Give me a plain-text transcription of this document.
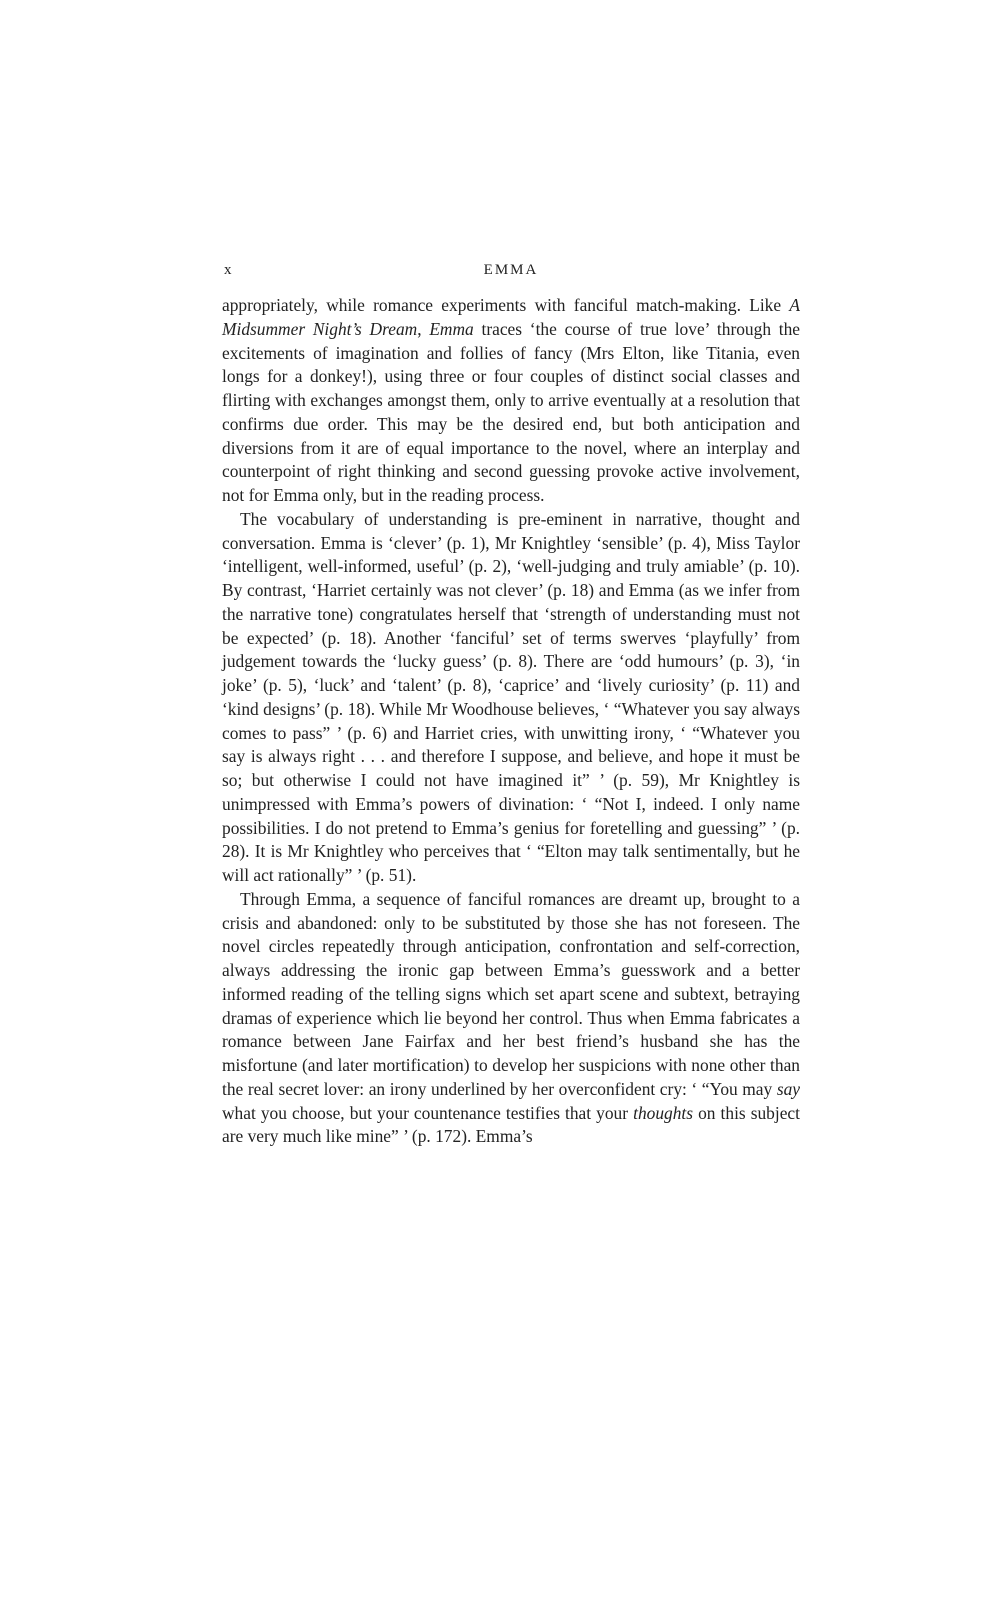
x	EMMA

appropriately, while romance experiments with fanciful match-making. Like A Midsummer Night’s Dream, Emma traces ‘the course of true love’ through the excitements of imagination and follies of fancy (Mrs Elton, like Titania, even longs for a donkey!), using three or four couples of distinct social classes and flirting with exchanges amongst them, only to arrive eventually at a resolution that confirms due order. This may be the desired end, but both anticipation and diversions from it are of equal importance to the novel, where an interplay and counterpoint of right thinking and second guessing provoke active involvement, not for Emma only, but in the reading process.

The vocabulary of understanding is pre-eminent in narrative, thought and conversation. Emma is ‘clever’ (p. 1), Mr Knightley ‘sensible’ (p. 4), Miss Taylor ‘intelligent, well-informed, useful’ (p. 2), ‘well-judging and truly amiable’ (p. 10). By contrast, ‘Harriet certainly was not clever’ (p. 18) and Emma (as we infer from the narrative tone) congratulates herself that ‘strength of understanding must not be expected’ (p. 18). Another ‘fanciful’ set of terms swerves ‘playfully’ from judgement towards the ‘lucky guess’ (p. 8). There are ‘odd humours’ (p. 3), ‘in joke’ (p. 5), ‘luck’ and ‘talent’ (p. 8), ‘caprice’ and ‘lively curiosity’ (p. 11) and ‘kind designs’ (p. 18). While Mr Woodhouse believes, ‘ “Whatever you say always comes to pass” ’ (p. 6) and Harriet cries, with unwitting irony, ‘ “Whatever you say is always right . . . and therefore I suppose, and believe, and hope it must be so; but otherwise I could not have imagined it” ’ (p. 59), Mr Knightley is unimpressed with Emma’s powers of divination: ‘ “Not I, indeed. I only name possibilities. I do not pretend to Emma’s genius for foretelling and guessing” ’ (p. 28). It is Mr Knightley who perceives that ‘ “Elton may talk sentimentally, but he will act rationally” ’ (p. 51).

Through Emma, a sequence of fanciful romances are dreamt up, brought to a crisis and abandoned: only to be substituted by those she has not foreseen. The novel circles repeatedly through anticipation, confrontation and self-correction, always addressing the ironic gap between Emma’s guesswork and a better informed reading of the telling signs which set apart scene and subtext, betraying dramas of experience which lie beyond her control. Thus when Emma fabricates a romance between Jane Fairfax and her best friend’s husband she has the misfortune (and later mortification) to develop her suspicions with none other than the real secret lover: an irony underlined by her overconfident cry: ‘ “You may say what you choose, but your countenance testifies that your thoughts on this subject are very much like mine” ’ (p. 172). Emma’s
